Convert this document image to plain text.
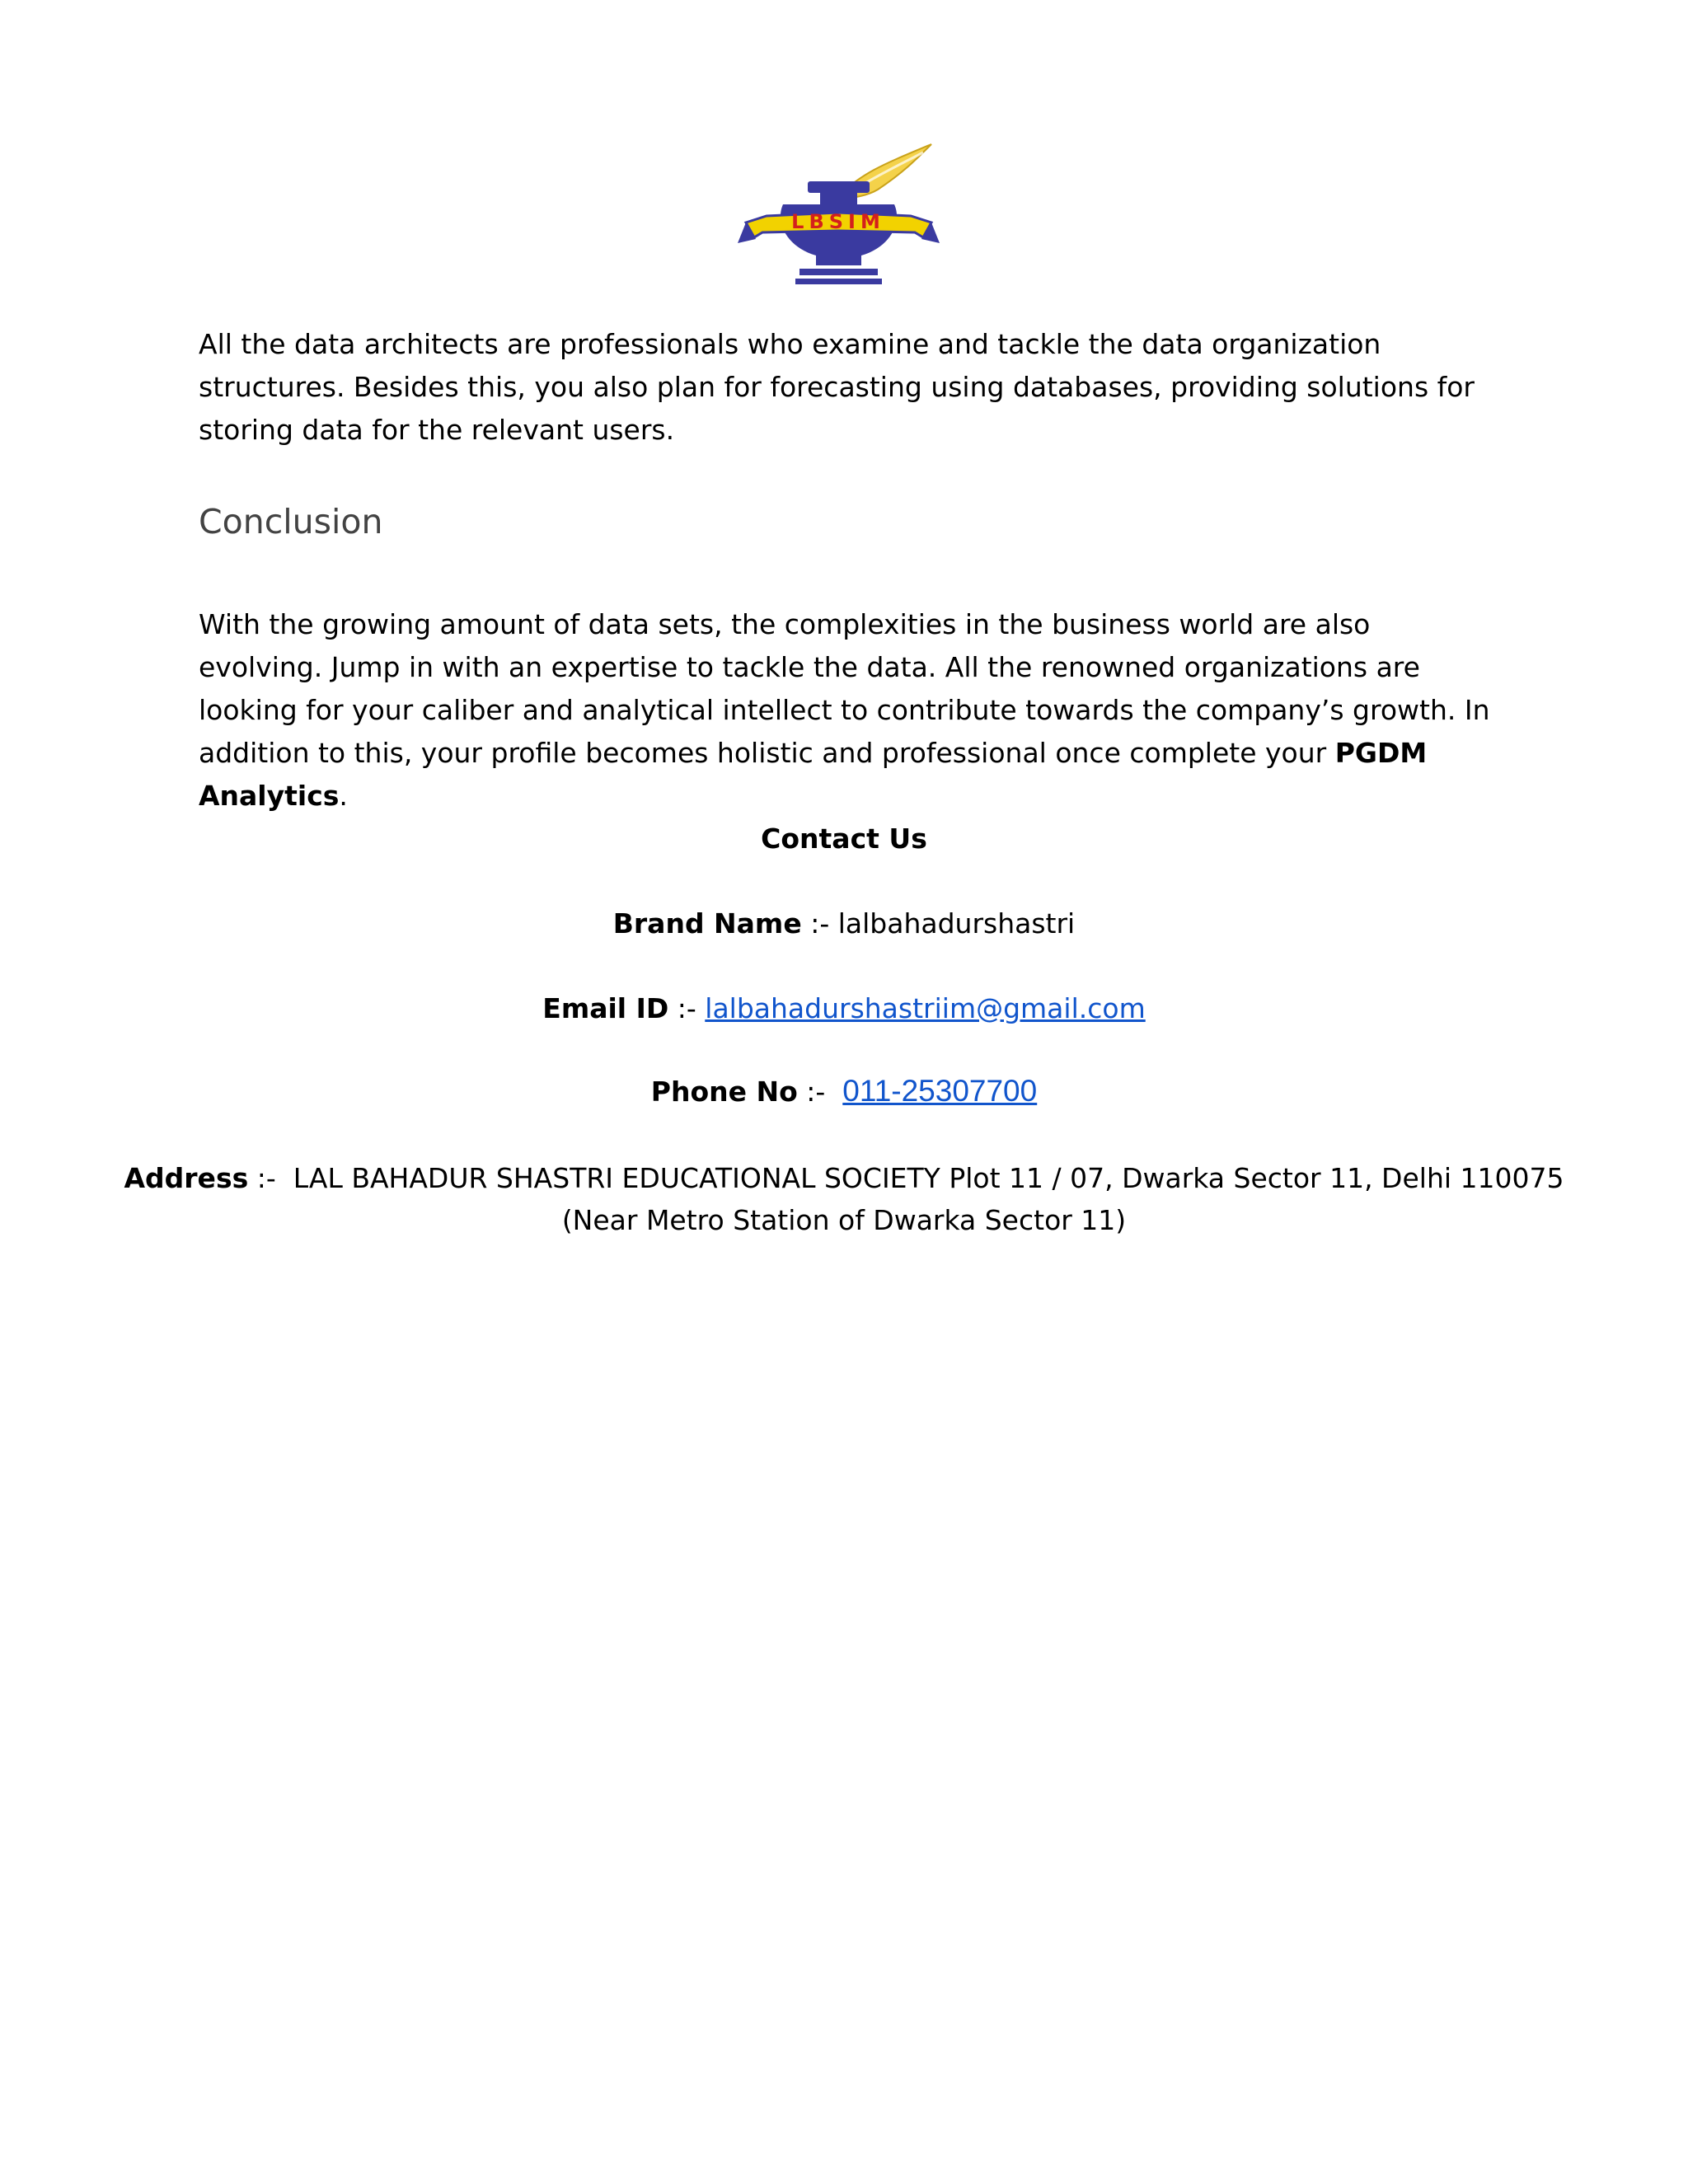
LBSIM
All the data architects are professionals who examine and tackle the data organization structures. Besides this, you also plan for forecasting using databases, providing solutions for storing data for the relevant users.
Conclusion
With the growing amount of data sets, the complexities in the business world are also evolving. Jump in with an expertise to tackle the data. All the renowned organizations are looking for your caliber and analytical intellect to contribute towards the company’s growth. In addition to this, your profile becomes holistic and professional once complete your PGDM Analytics.
Contact Us
Brand Name :- lalbahadurshastri
Email ID :- lalbahadurshastriim@gmail.com
Phone No :-  011-25307700
Address :-  LAL BAHADUR SHASTRI EDUCATIONAL SOCIETY Plot 11 / 07, Dwarka Sector 11, Delhi 110075
(Near Metro Station of Dwarka Sector 11)
